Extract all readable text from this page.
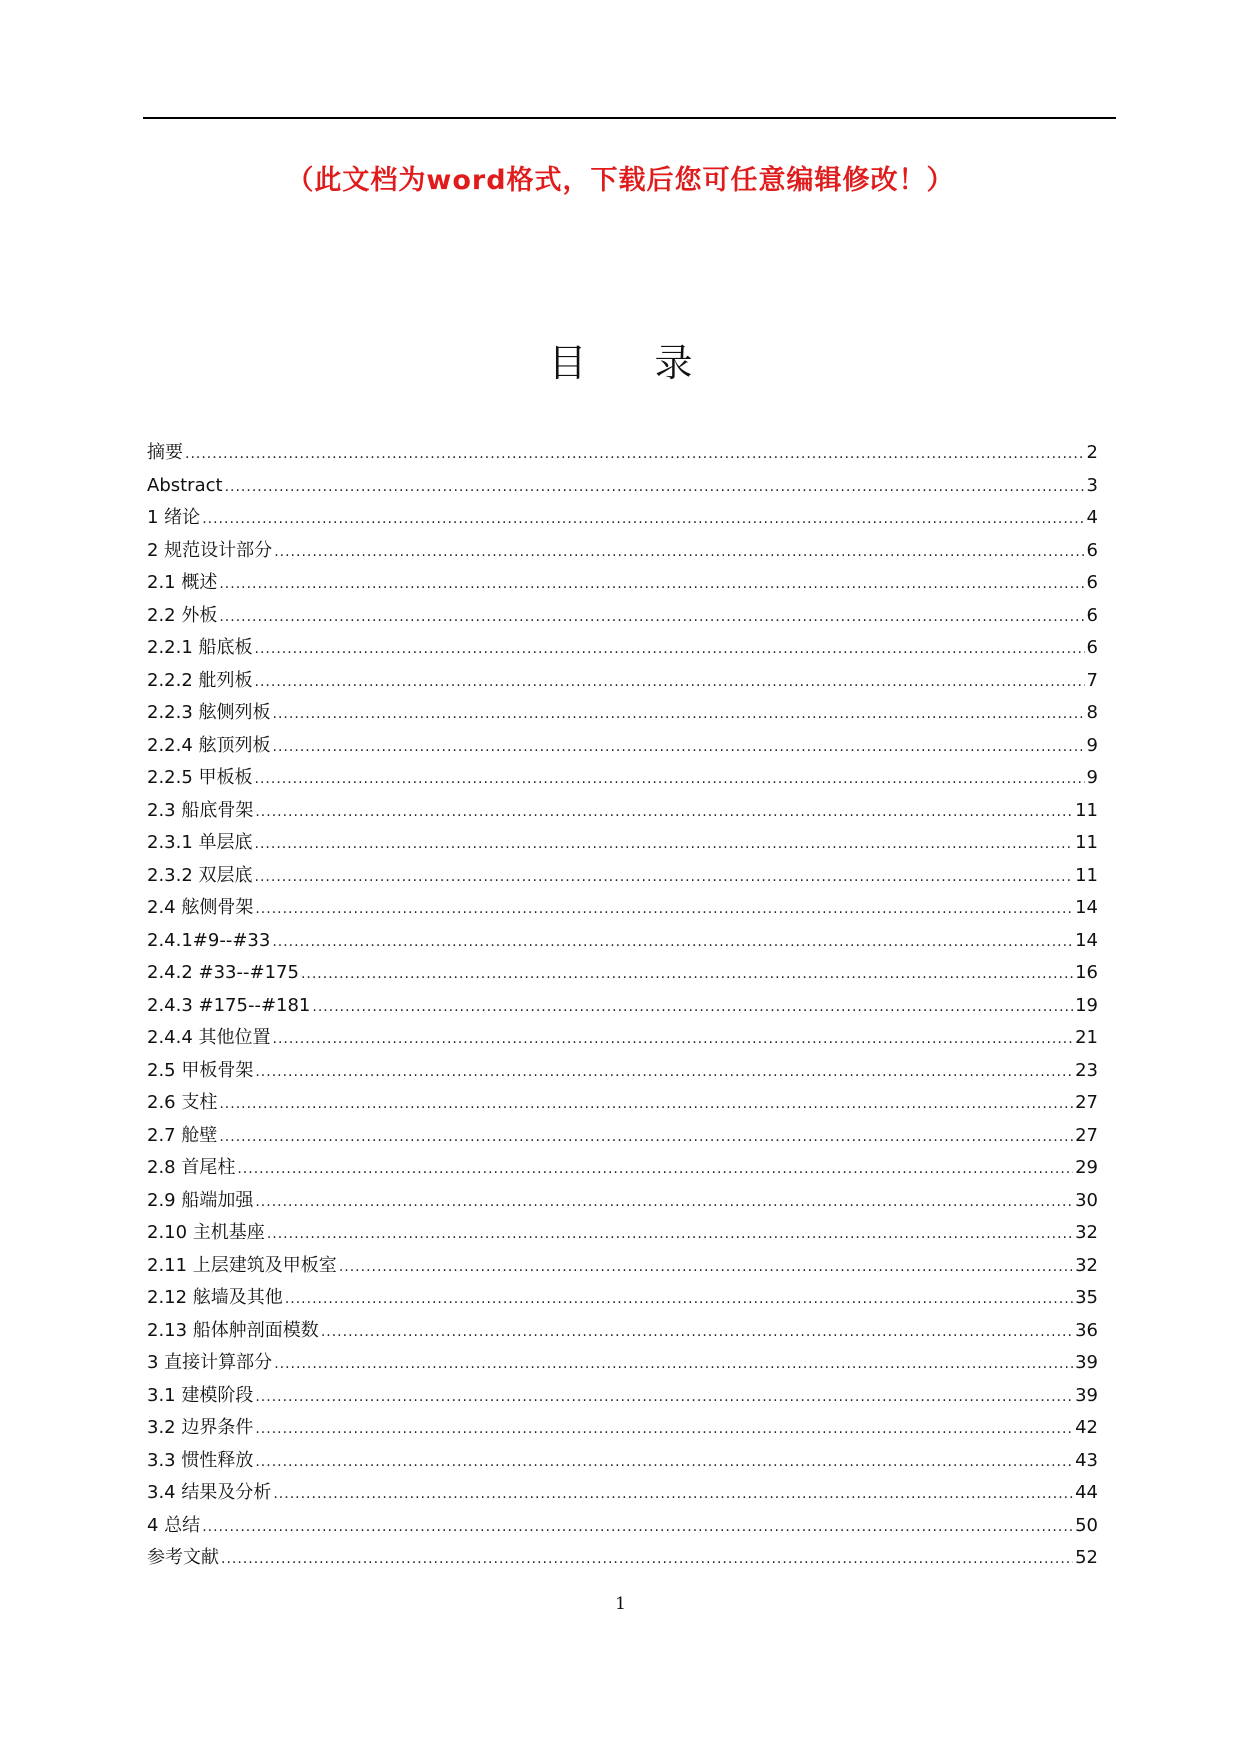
（此文档为word格式，下载后您可任意编辑修改！）
目 录
摘要 .....	2
Abstract .....	3
1 绪论 .....	4
2 规范设计部分 .....	6
2.1 概述 .....	6
2.2 外板 .....	6
2.2.1 船底板 .....	6
2.2.2 舭列板 .....	7
2.2.3 舷侧列板 .....	8
2.2.4 舷顶列板 .....	9
2.2.5 甲板板 .....	9
2.3 船底骨架 .....	11
2.3.1 单层底 .....	11
2.3.2 双层底 .....	11
2.4 舷侧骨架 .....	14
2.4.1#9--#33 .....	14
2.4.2 #33--#175 .....	16
2.4.3 #175--#181 .....	19
2.4.4 其他位置 .....	21
2.5 甲板骨架 .....	23
2.6 支柱 .....	27
2.7 舱壁 .....	27
2.8 首尾柱 .....	29
2.9 船端加强 .....	30
2.10 主机基座 .....	32
2.11 上层建筑及甲板室 .....	32
2.12 舷墙及其他 .....	35
2.13 船体舯剖面模数 .....	36
3 直接计算部分 .....	39
3.1 建模阶段 .....	39
3.2 边界条件 .....	42
3.3 惯性释放 .....	43
3.4 结果及分析 .....	44
4 总结 .....	50
参考文献 .....	52
1
